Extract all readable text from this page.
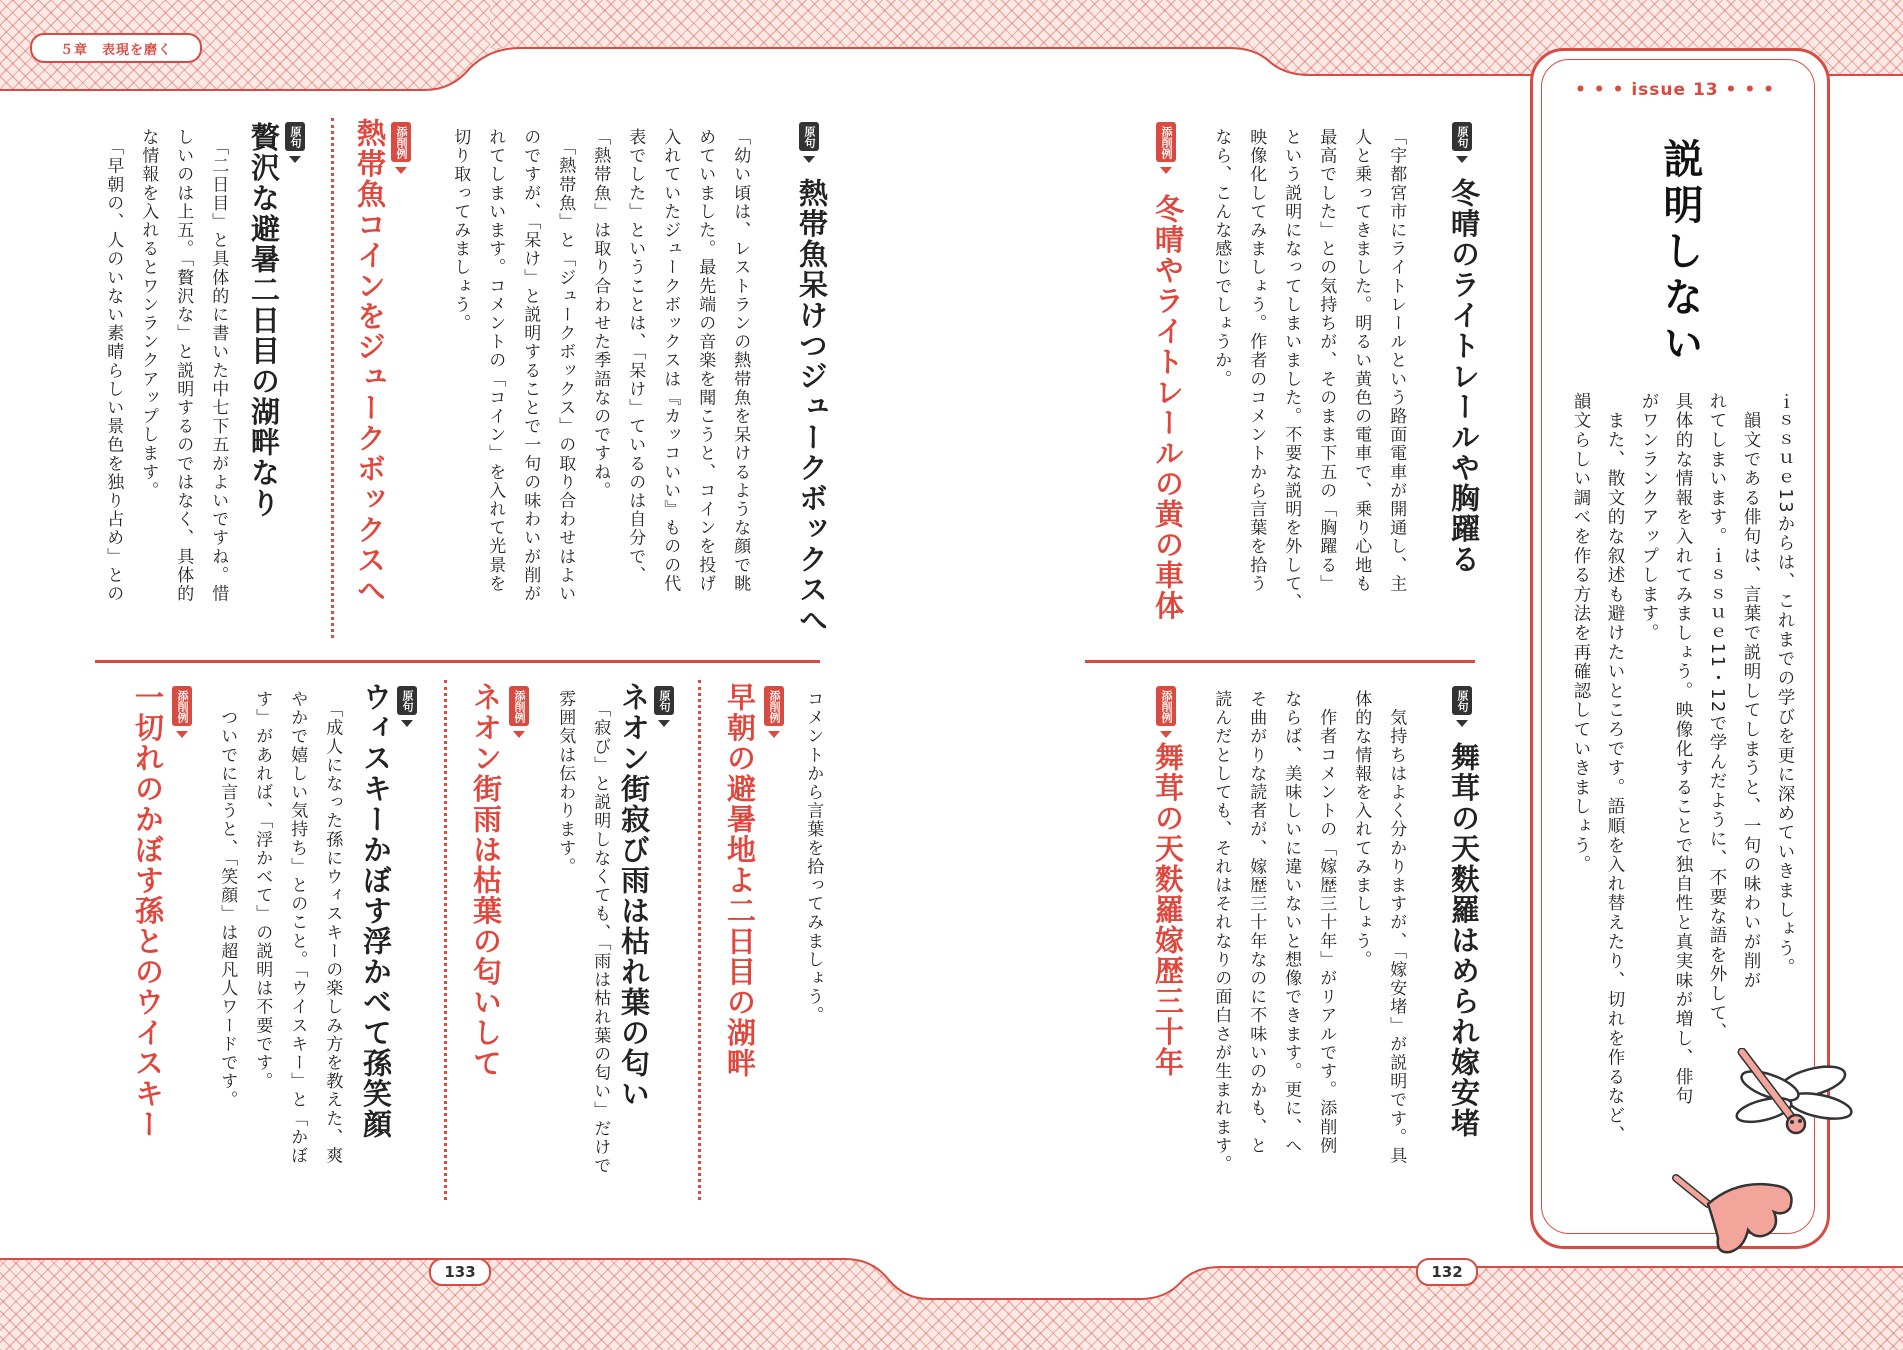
５章　表現を磨く
• • • issue 13 • • •
説明しない
ｉｓｓｕｅ13からは、これまでの学びを更に深めていきましょう。
　韻文である俳句は、言葉で説明してしまうと、一句の味わいが削が
れてしまいます。ｉｓｓｕｅ11・12で学んだように、不要な語を外して、
具体的な情報を入れてみましょう。映像化することで独自性と真実味が増し、俳句
がワンランクアップします。
　また、散文的な叙述も避けたいところです。語順を入れ替えたり、切れを作るなど、
韻文らしい調べを作る方法を再確認していきましょう。
原句
冬晴のライトレールや胸躍る
「宇都宮市にライトレールという路面電車が開通し、主
人と乗ってきました。明るい黄色の電車で、乗り心地も
最高でした」との気持ちが、そのまま下五の「胸躍る」
という説明になってしまいました。不要な説明を外して、
映像化してみましょう。作者のコメントから言葉を拾う
なら、こんな感じでしょうか。
添削例
冬晴やライトレールの黄の車体
原句
舞茸の天麩羅はめられ嫁安堵
　気持ちはよく分かりますが、「嫁安堵」が説明です。具
体的な情報を入れてみましょう。
　作者コメントの「嫁歴三十年」がリアルです。添削例
ならば、美味しいに違いないと想像できます。更に、へ
そ曲がりな読者が、嫁歴三十年なのに不味いのかも、と
読んだとしても、それはそれなりの面白さが生まれます。
添削例
舞茸の天麩羅嫁歴三十年
132
原句
熱帯魚呆けつジュークボックスへ
「幼い頃は、レストランの熱帯魚を呆けるような顔で眺
めていました。最先端の音楽を聞こうと、コインを投げ
入れていたジュークボックスは『カッコいい』ものの代
表でした」ということは、「呆け」ているのは自分で、
「熱帯魚」は取り合わせた季語なのですね。
　「熱帯魚」と「ジュークボックス」の取り合わせはよい
のですが、「呆け」と説明することで一句の味わいが削が
れてしまいます。コメントの「コイン」を入れて光景を
切り取ってみましょう。
添削例
熱帯魚コインをジュークボックスへ
原句
贅沢な避暑二日目の湖畔なり
　「二日目」と具体的に書いた中七下五がよいですね。惜
しいのは上五。「贅沢な」と説明するのではなく、具体的
な情報を入れるとワンランクアップします。
　「早朝の、人のいない素晴らしい景色を独り占め」との
コメントから言葉を拾ってみましょう。
添削例
早朝の避暑地よ二日目の湖畔
　「寂び」と説明しなくても、「雨は枯れ葉の匂い」だけで
雰囲気は伝わります。	原句
ネオン街寂び雨は枯れ葉の匂い
添削例
ネオン街雨は枯葉の匂いして
原句
ウィスキーかぼす浮かべて孫笑顔
　「成人になった孫にウィスキーの楽しみ方を教えた、爽
やかで嬉しい気持ち」とのこと。「ウイスキー」と「かぼ
す」があれば、「浮かべて」の説明は不要です。
　ついでに言うと、「笑顔」は超凡人ワードです。
添削例
一切れのかぼす孫とのウイスキー
133
